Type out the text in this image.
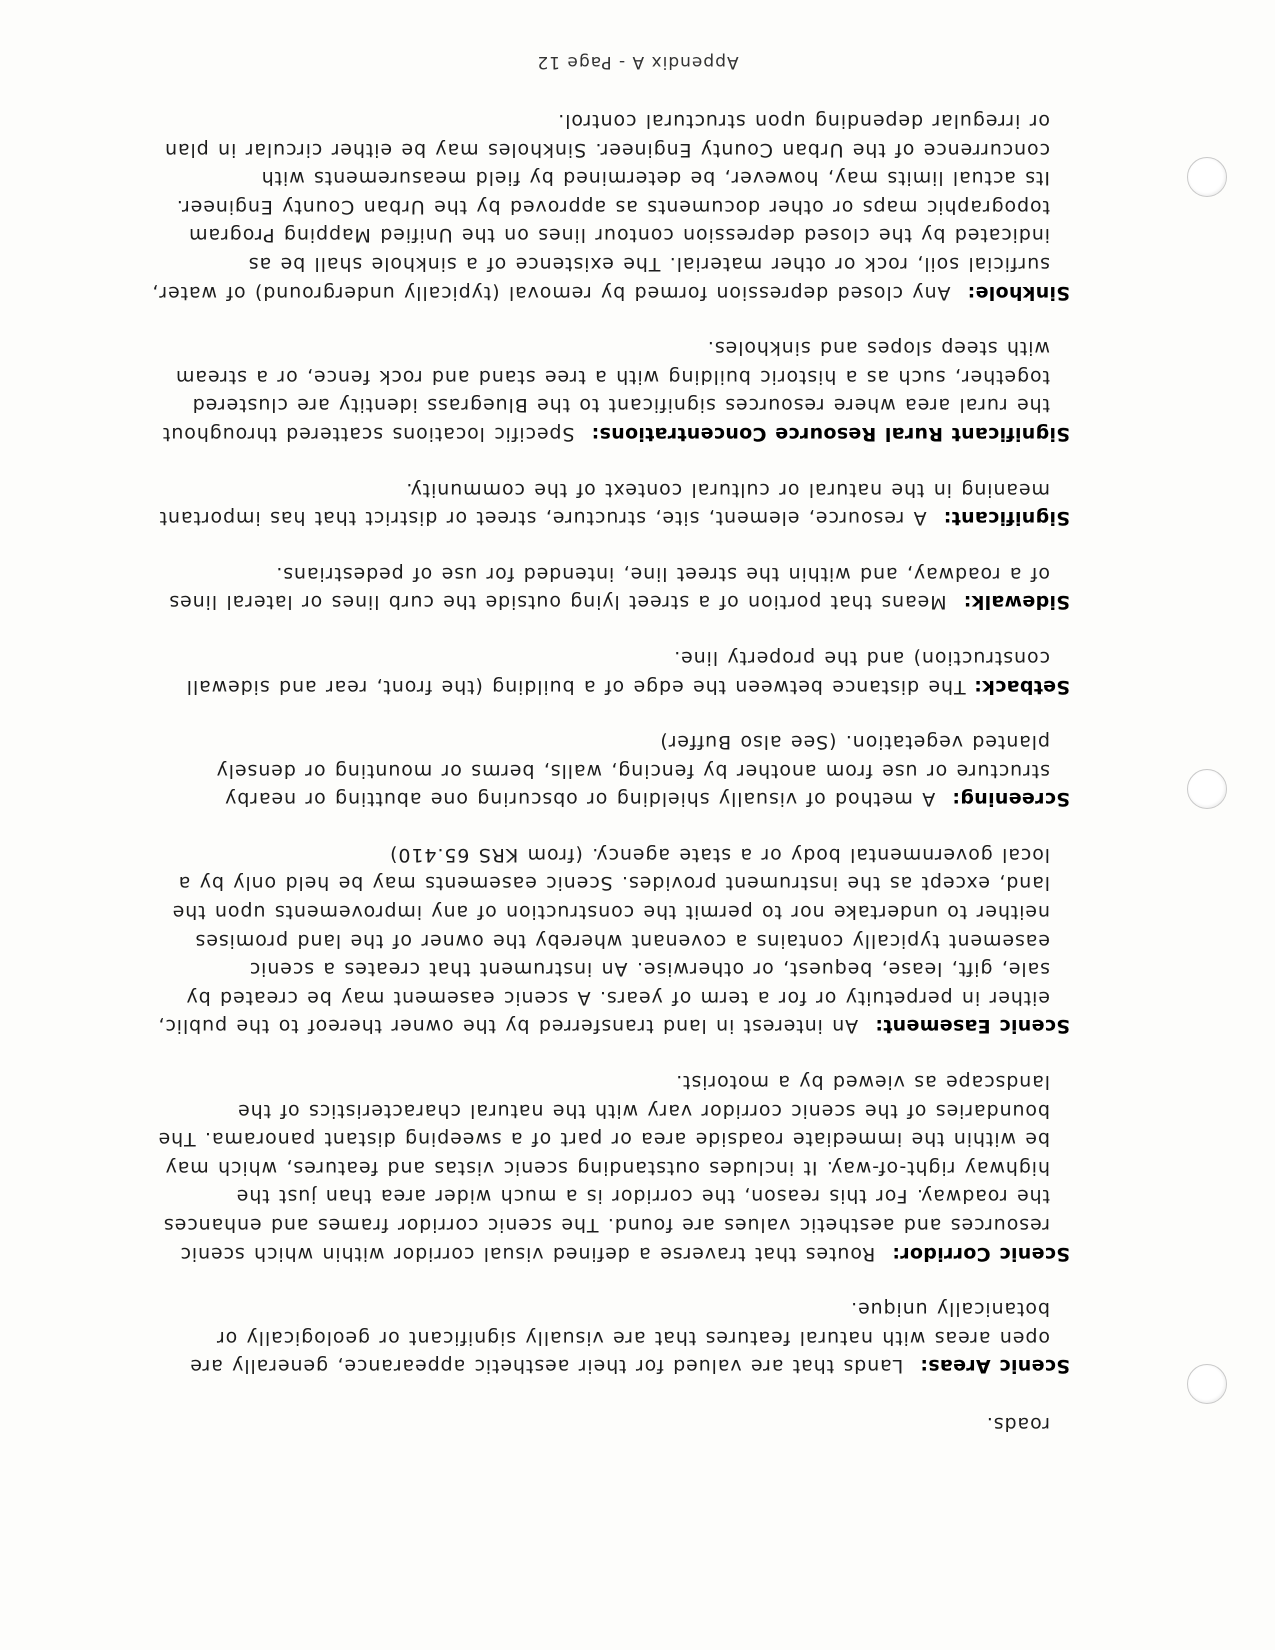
roads.

Scenic Areas:  Lands that are valued for their aesthetic appearance, generally are open areas with natural features that are visually significant or geologically or botanically unique.

Scenic Corridor:  Routes that traverse a defined visual corridor within which scenic resources and aesthetic values are found. The scenic corridor frames and enhances the roadway. For this reason, the corridor is a much wider area than just the highway right-of-way. It includes outstanding scenic vistas and features, which may be within the immediate roadside area or part of a sweeping distant panorama. The boundaries of the scenic corridor vary with the natural characteristics of the landscape as viewed by a motorist.

Scenic Easement:  An interest in land transferred by the owner thereof to the public, either in perpetuity or for a term of years. A scenic easement may be created by sale, gift, lease, bequest, or otherwise. An instrument that creates a scenic easement typically contains a covenant whereby the owner of the land promises neither to undertake nor to permit the construction of any improvements upon the land, except as the instrument provides. Scenic easements may be held only by a local governmental body or a state agency. (from KRS 65.410)

Screening:  A method of visually shielding or obscuring one abutting or nearby structure or use from another by fencing, walls, berms or mounting or densely planted vegetation. (See also Buffer)

Setback: The distance between the edge of a building (the front, rear and sidewall construction) and the property line.

Sidewalk:  Means that portion of a street lying outside the curb lines or lateral lines of a roadway, and within the street line, intended for use of pedestrians.

Significant:  A resource, element, site, structure, street or district that has important meaning in the natural or cultural context of the community.

Significant Rural Resource Concentrations:  Specific locations scattered throughout the rural area where resources significant to the Bluegrass identity are clustered together, such as a historic building with a tree stand and rock fence, or a stream with steep slopes and sinkholes.

Sinkhole:  Any closed depression formed by removal (typically underground) of water, surficial soil, rock or other material. The existence of a sinkhole shall be as indicated by the closed depression contour lines on the Unified Mapping Program topographic maps or other documents as approved by the Urban County Engineer. Its actual limits may, however, be determined by field measurements with concurrence of the Urban County Engineer. Sinkholes may be either circular in plan or irregular depending upon structural control.

Appendix A - Page 12
